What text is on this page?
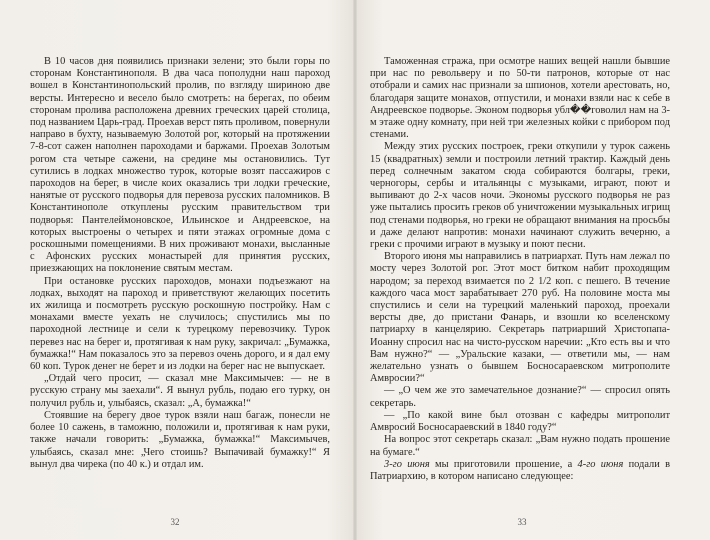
В 10 часов дня появились признаки зелени; это были горы по сторонам Константинополя. В два часа пополудни наш пароход вошел в Константинопольский пролив, по взгляду шириною две версты. Интересно и весело было смотреть: на берегах, по обеим сторонам пролива расположена древних греческих царей столица, под названием Царь-град. Проехав верст пять проливом, повернули направо в бухту, называемую Золотой рог, который на протяжении 7-8-сот сажен наполнен пароходами и баржами. Проехав Золотым рогом ста четыре сажени, на средине мы остановились. Тут сутились в лодках множество турок, которые возят пассажиров с пароходов на берег, в числе коих оказались три лодки греческие, нанятые от русского подворья для перевоза русских паломников. В Константинополе откуплены русским правительством три подворья: Пантелеймоновское, Ильинское и Андреевское, на которых выстроены о четырех и пяти этажах огромные дома с роскошными помещениями. В них проживают монахи, высланные с Афонских русских монастырей для принятия русских, приезжающих на поклонение святым местам.

При остановке русских пароходов, монахи подъезжают на лодках, выходят на пароход и приветствуют желающих посетить их жилища и посмотреть русскую роскошную постройку. Нам с монахами вместе уехать не случилось; спустились мы по пароходной лестнице и сели к турецкому перевозчику. Турок перевез нас на берег и, протягивая к нам руку, закричал: „Бумажка, бумажка!“ Нам показалось это за перевоз очень дорого, и я дал ему 60 коп. Турок денег не берет и из лодки на берег нас не выпускает.

„Отдай чего просит, — сказал мне Максимычев: — не в русскую страну мы заехали“. Я вынул рубль, подаю его турку, он получил рубль и, улыбаясь, сказал: „А, бумажка!“

Стоявшие на берегу двое турок взяли наш багаж, понесли не более 10 сажень, в таможню, положили и, протягивая к нам руки, также начали говорить: „Бумажка, бумажка!“ Максимычев, улыбаясь, сказал мне: „Чего стоишь? Выпачивай бумажку!“ Я вынул два чирека (по 40 к.) и отдал им.

32

Таможенная стража, при осмотре наших вещей нашли бывшие при нас по револьверу и по 50-ти патронов, которые от нас отобрали и самих нас признали за шпионов, хотели арестовать, но, благодаря защите монахов, отпустили, и монахи взяли нас к себе в Андреевское подворье. Эконом подворья убл��говолил нам на 3-м этаже одну комнату, при ней три железных койки с прибором под стенами.

Между этих русских построек, греки откупили у турок сажень 15 (квадратных) земли и построили летний трактир. Каждый день перед солнечным закатом сюда собираются болгары, греки, черногоры, сербы и итальянцы с музыками, играют, поют и выпивают до 2-х часов ночи. Экономы русского подворья не раз уже пытались просить греков об уничтожении музыкальных игрищ под стенами подворья, но греки не обращают внимания на просьбы и даже делают напротив: монахи начинают служить вечерню, а греки с прочими играют в музыку и поют песни.

Второго июня мы направились в патриархат. Путь нам лежал по мосту через Золотой рог. Этот мост битком набит проходящим народом; за переход взимается по 2 1/2 коп. с пешего. В течение каждого часа мост зарабатывает 270 руб. На половине моста мы спустились и сели на турецкий маленький пароход, проехали версты две, до пристани Фанарь, и взошли ко вселенскому патриарху в канцелярию. Секретарь патриарший Христопапа-Иоанну спросил нас на чисто-русском наречии: „Кто есть вы и что Вам нужно?“ — „Уральские казаки, — ответили мы, — нам желательно узнать о бывшем Босносараевском митрополите Амвросии?“

— „О чем же это замечательное дознание?“ — спросил опять секретарь.

— „По какой вине был отозван с кафедры митрополит Амвросий Босносараевский в 1840 году?“

На вопрос этот секретарь сказал: „Вам нужно подать прошение на бумаге.“

3-го июня мы приготовили прошение, а 4-го июня подали в Патриархию, в котором написано следующее:

33
